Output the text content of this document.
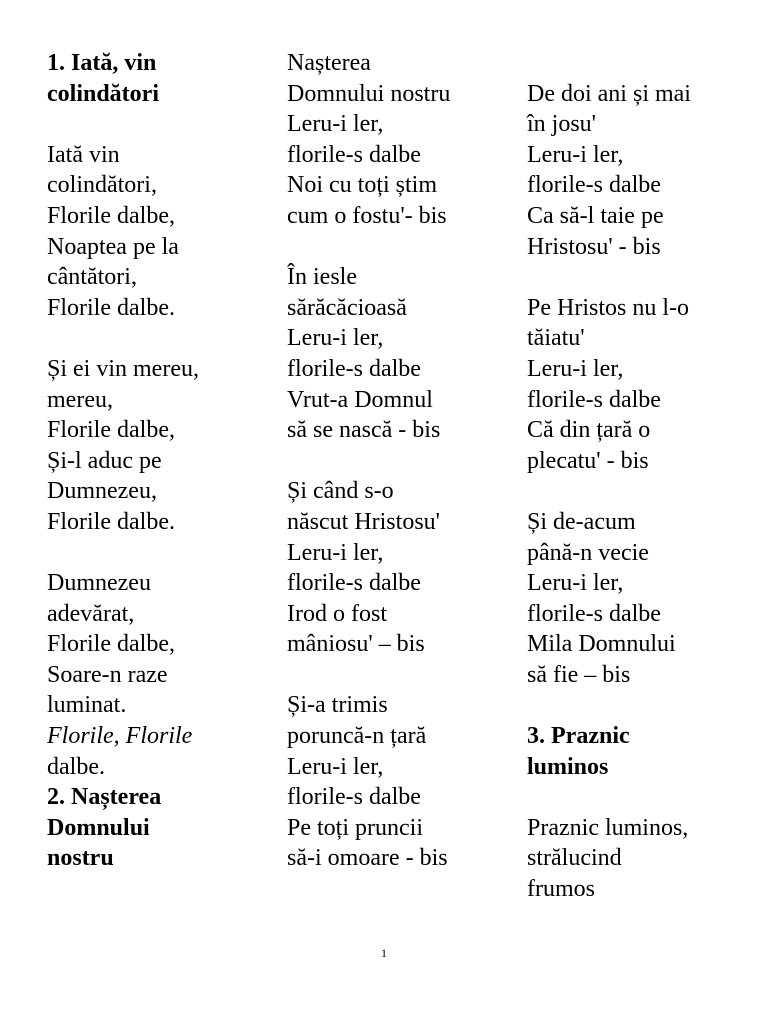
1. Iată, vin
colindători
Iată vin
colindători,
Florile dalbe,
Noaptea pe la
cântători,
Florile dalbe.
Și ei vin mereu,
mereu,
Florile dalbe,
Și-l aduc pe
Dumnezeu,
Florile dalbe.
Dumnezeu
adevărat,
Florile dalbe,
Soare-n raze
luminat.
Florile, Florile
dalbe.
2. Nașterea
Domnului
nostru
Nașterea
Domnului nostru
Leru-i ler,
florile-s dalbe
Noi cu toți știm
cum o fostu'- bis
În iesle
sărăcăcioasă
Leru-i ler,
florile-s dalbe
Vrut-a Domnul
să se nască - bis
Și când s-o
născut Hristosu'
Leru-i ler,
florile-s dalbe
Irod o fost
mâniosu' – bis
Și-a trimis
poruncă-n țară
Leru-i ler,
florile-s dalbe
Pe toți pruncii
să-i omoare - bis
De doi ani și mai
în josu'
Leru-i ler,
florile-s dalbe
Ca să-l taie pe
Hristosu' - bis
Pe Hristos nu l-o
tăiatu'
Leru-i ler,
florile-s dalbe
Că din țară o
plecatu' - bis
Și de-acum
până-n vecie
Leru-i ler,
florile-s dalbe
Mila Domnului
să fie – bis
3. Praznic
luminos
Praznic luminos,
strălucind
frumos
1
